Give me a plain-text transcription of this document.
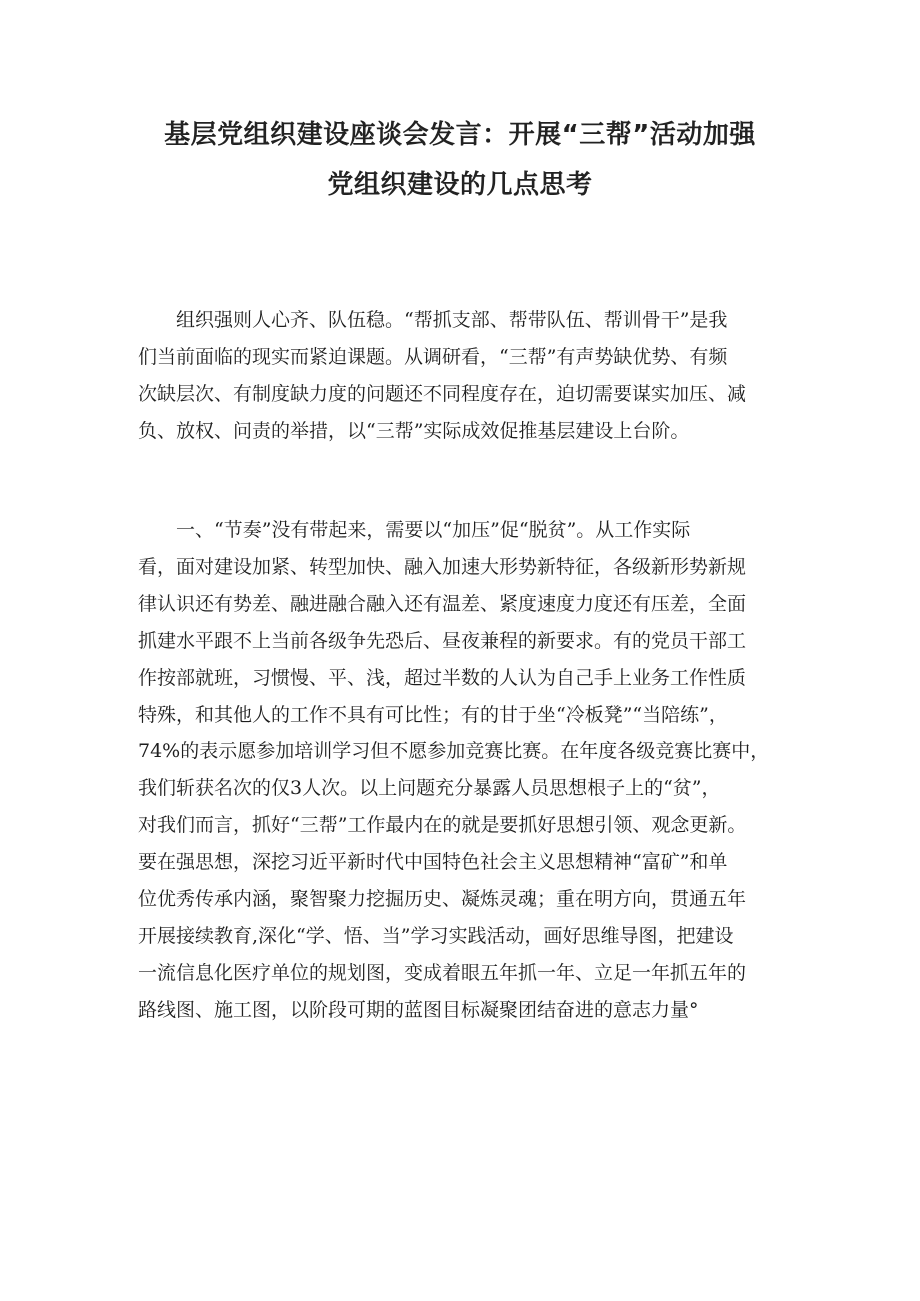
基层党组织建设座谈会发言：开展“三帮”活动加强
党组织建设的几点思考

组织强则人心齐、队伍稳。“帮抓支部、帮带队伍、帮训骨干”是我
们当前面临的现实而紧迫课题。从调研看，“三帮”有声势缺优势、有频
次缺层次、有制度缺力度的问题还不同程度存在，迫切需要谋实加压、减
负、放权、问责的举措，以“三帮”实际成效促推基层建设上台阶。

一、“节奏”没有带起来，需要以“加压”促“脱贫”。从工作实际
看，面对建设加紧、转型加快、融入加速大形势新特征，各级新形势新规
律认识还有势差、融进融合融入还有温差、紧度速度力度还有压差，全面
抓建水平跟不上当前各级争先恐后、昼夜兼程的新要求。有的党员干部工
作按部就班，习惯慢、平、浅，超过半数的人认为自己手上业务工作性质
特殊，和其他人的工作不具有可比性；有的甘于坐“冷板凳”“当陪练”，
74%的表示愿参加培训学习但不愿参加竞赛比赛。在年度各级竞赛比赛中，
我们斩获名次的仅3人次。以上问题充分暴露人员思想根子上的“贫”，
对我们而言，抓好“三帮”工作最内在的就是要抓好思想引领、观念更新。
要在强思想，深挖习近平新时代中国特色社会主义思想精神“富矿”和单
位优秀传承内涵，聚智聚力挖掘历史、凝炼灵魂；重在明方向，贯通五年
开展接续教育,深化“学、悟、当”学习实践活动，画好思维导图，把建设
一流信息化医疗单位的规划图，变成着眼五年抓一年、立足一年抓五年的
路线图、施工图，以阶段可期的蓝图目标凝聚团结奋进的意志力量°
